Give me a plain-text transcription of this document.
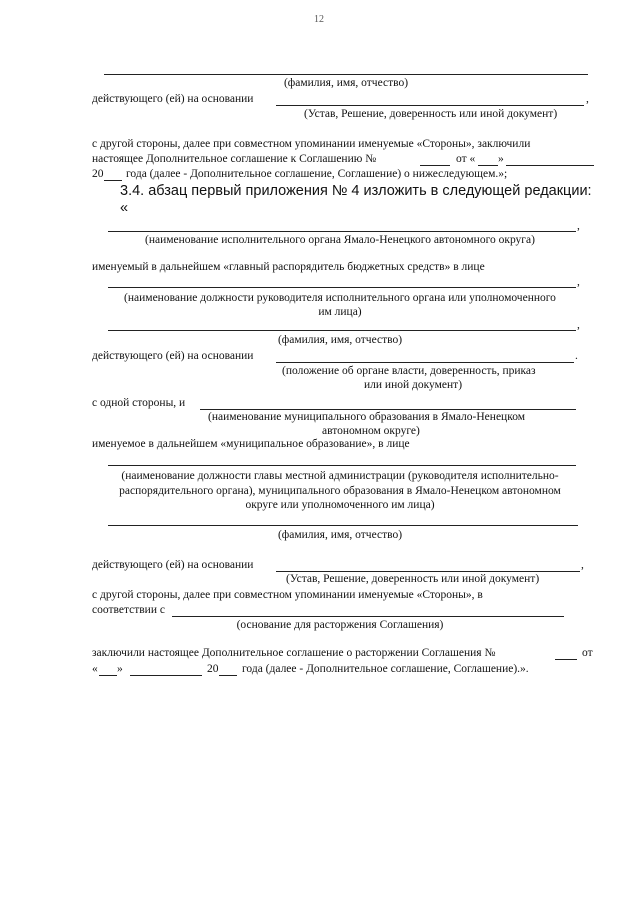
12
(фамилия, имя, отчество)
действующего (ей) на основании	,
(Устав, Решение, доверенность или иной документ)
с другой стороны, далее при совместном упоминании именуемые «Стороны», заключили
настоящее Дополнительное соглашение к Соглашению №	от « »
20 года (далее - Дополнительное соглашение, Соглашение) о нижеследующем.»;
3.4. абзац первый приложения № 4 изложить в следующей редакции:
«
,
(наименование исполнительного органа Ямало-Ненецкого автономного округа)
именуемый в дальнейшем «главный распорядитель бюджетных средств» в лице
,
(наименование должности руководителя исполнительного органа или уполномоченного
им лица)
,
(фамилия, имя, отчество)
действующего (ей) на основании	.
(положение об органе власти, доверенность, приказ
или иной документ)
с одной стороны, и
(наименование муниципального образования в Ямало-Ненецком
автономном округе)
именуемое в дальнейшем «муниципальное образование», в лице
(наименование должности главы местной администрации (руководителя исполнительно-
распорядительного органа), муниципального образования в Ямало-Ненецком автономном
округе или уполномоченного им лица)
(фамилия, имя, отчество)
действующего (ей) на основании	,
(Устав, Решение, доверенность или иной документ)
с другой стороны, далее при совместном упоминании именуемые «Стороны», в
соответствии с
(основание для расторжения Соглашения)
заключили настоящее Дополнительное соглашение о расторжении Соглашения №	от
« »	20 года (далее - Дополнительное соглашение, Соглашение).».
